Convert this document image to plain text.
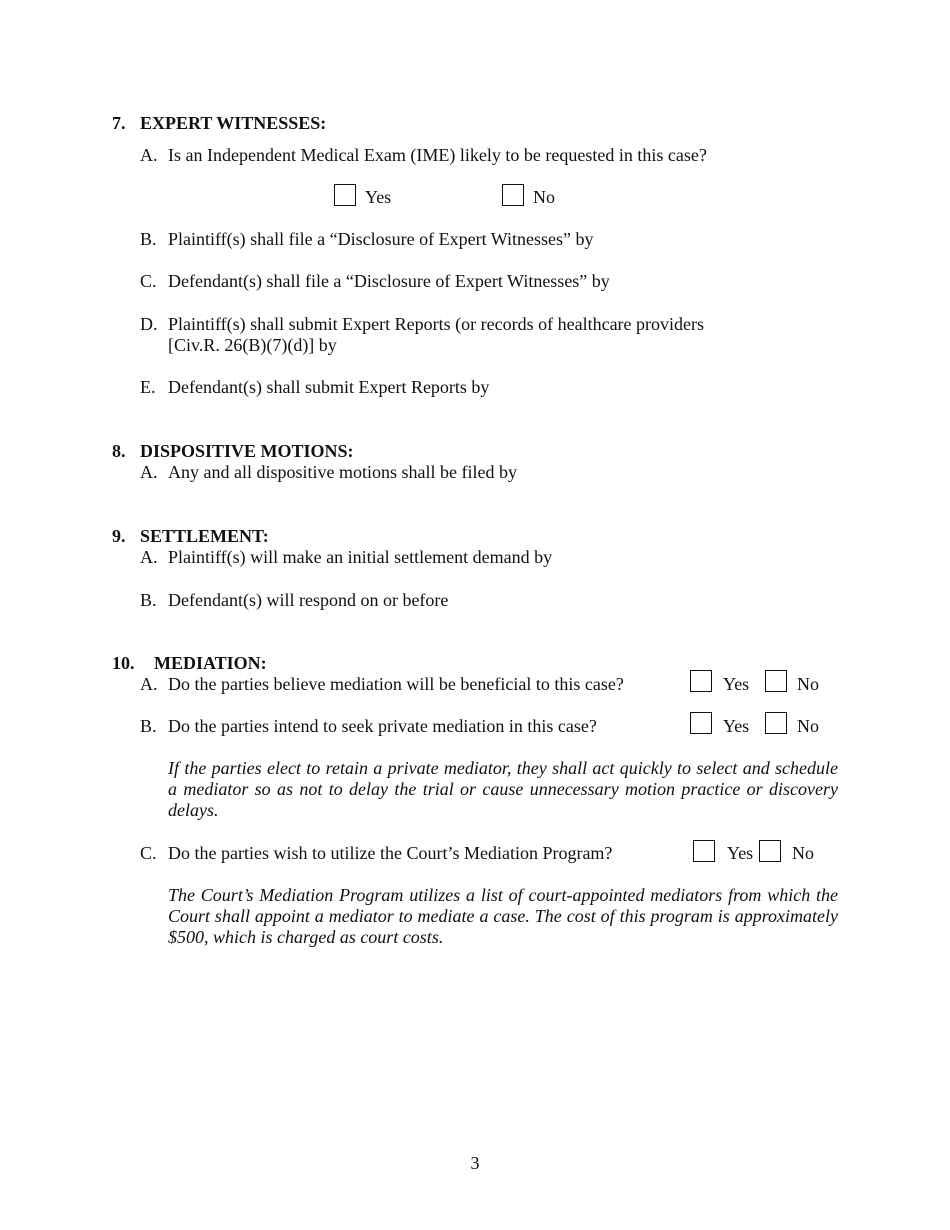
7. EXPERT WITNESSES:
A. Is an Independent Medical Exam (IME) likely to be requested in this case?
Yes	No
B. Plaintiff(s) shall file a “Disclosure of Expert Witnesses” by
C. Defendant(s) shall file a “Disclosure of Expert Witnesses” by
D. Plaintiff(s) shall submit Expert Reports (or records of healthcare providers
[Civ.R. 26(B)(7)(d)] by
E. Defendant(s) shall submit Expert Reports by
8. DISPOSITIVE MOTIONS:
A. Any and all dispositive motions shall be filed by
9. SETTLEMENT:
A. Plaintiff(s) will make an initial settlement demand by
B. Defendant(s) will respond on or before
10. MEDIATION:
A. Do the parties believe mediation will be beneficial to this case?	Yes	No
B. Do the parties intend to seek private mediation in this case?	Yes	No
If the parties elect to retain a private mediator, they shall act quickly to select and schedule a mediator so as not to delay the trial or cause unnecessary motion practice or discovery delays.
C. Do the parties wish to utilize the Court’s Mediation Program?	Yes No
The Court’s Mediation Program utilizes a list of court-appointed mediators from which the Court shall appoint a mediator to mediate a case. The cost of this program is approximately $500, which is charged as court costs.
3
